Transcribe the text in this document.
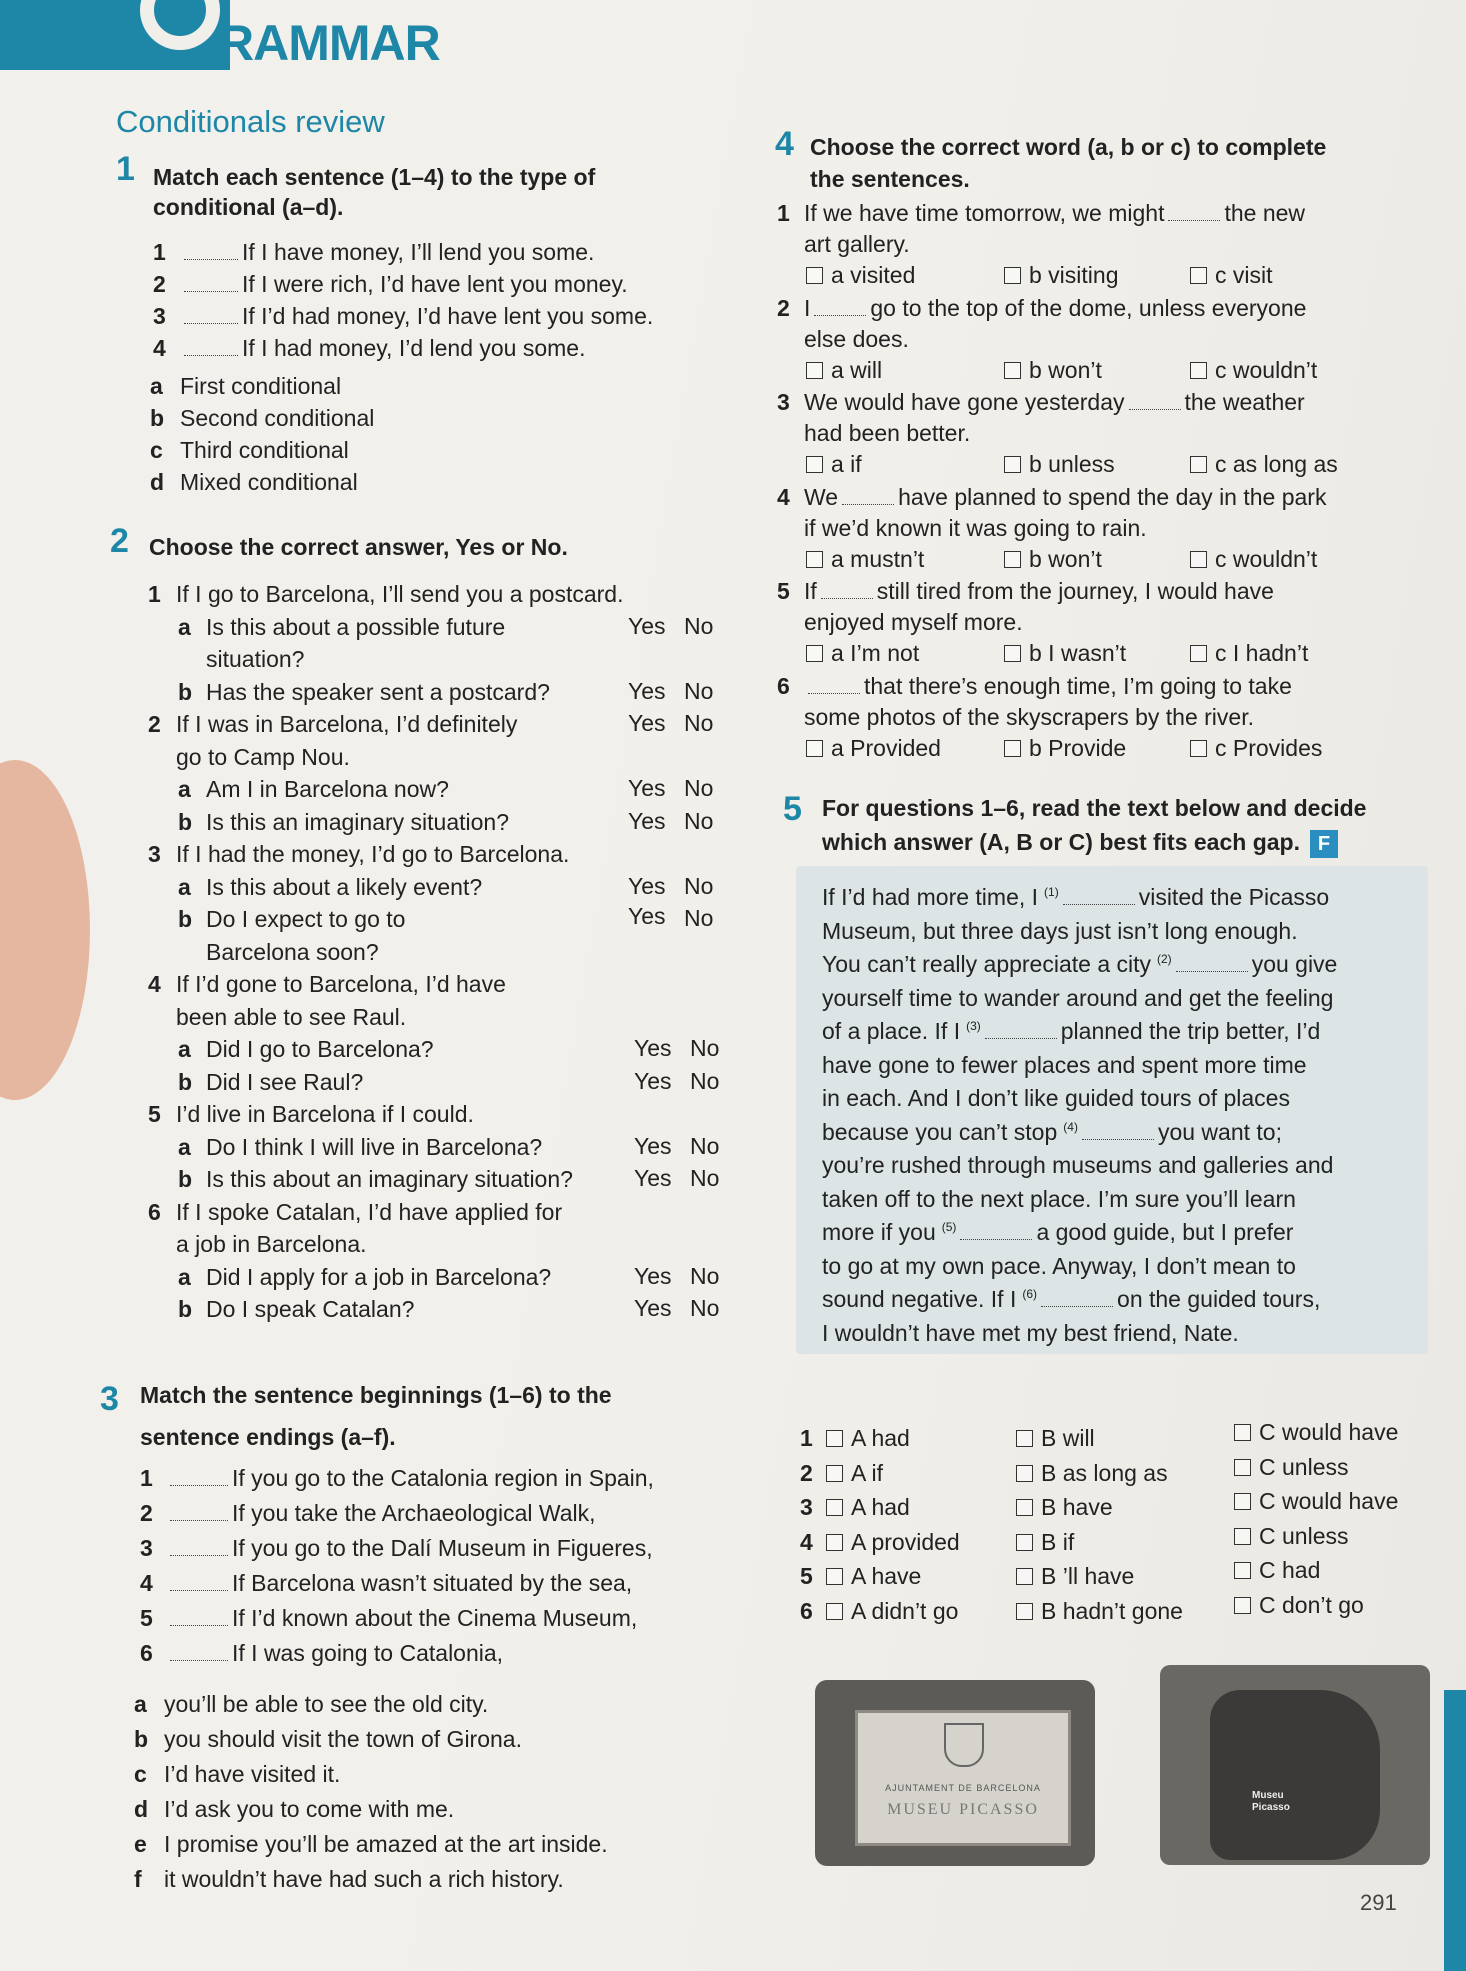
RAMMAR
Conditionals review
1 Match each sentence (1–4) to the type of
conditional (a–d).
1	If I have money, I’ll lend you some.
2	If I were rich, I’d have lent you money.
3	If I’d had money, I’d have lent you some.
4	If I had money, I’d lend you some.
a First conditional
b Second conditional
c Third conditional
d Mixed conditional
2 Choose the correct answer, Yes or No.
1 If I go to Barcelona, I’ll send you a postcard.
a Is this about a possible future	Yes No
situation?
b Has the speaker sent a postcard?	Yes No
2 If I was in Barcelona, I’d definitely	Yes No
go to Camp Nou.
a Am I in Barcelona now?	Yes No
b Is this an imaginary situation?	Yes No
3 If I had the money, I’d go to Barcelona.
a Is this about a likely event?	Yes No
b Do I expect to go to	Yes No
Barcelona soon?
4 If I’d gone to Barcelona, I’d have
been able to see Raul.
a Did I go to Barcelona?	Yes No
b Did I see Raul?	Yes No
5 I’d live in Barcelona if I could.
a Do I think I will live in Barcelona?	Yes No
b Is this about an imaginary situation?	Yes No
6 If I spoke Catalan, I’d have applied for
a job in Barcelona.
a Did I apply for a job in Barcelona?	Yes No
b Do I speak Catalan?	Yes No
3 Match the sentence beginnings (1–6) to the
sentence endings (a–f).
1	If you go to the Catalonia region in Spain,
2	If you take the Archaeological Walk,
3	If you go to the Dalí Museum in Figueres,
4	If Barcelona wasn’t situated by the sea,
5	If I’d known about the Cinema Museum,
6	If I was going to Catalonia,
a you’ll be able to see the old city.
b you should visit the town of Girona.
c I’d have visited it.
d I’d ask you to come with me.
e I promise you’ll be amazed at the art inside.
f it wouldn’t have had such a rich history.
4 Choose the correct word (a, b or c) to complete
the sentences.
1 If we have time tomorrow, we might	the new
art gallery.
a visited	b visiting	c visit
2 I	go to the top of the dome, unless everyone
else does.
a will	b won’t	c wouldn’t
3 We would have gone yesterday	the weather
had been better.
a if	b unless	c as long as
4 We	have planned to spend the day in the park
if we’d known it was going to rain.
a mustn’t	b won’t	c wouldn’t
5 If	still tired from the journey, I would have
enjoyed myself more.
a I’m not	b I wasn’t	c I hadn’t
6	that there’s enough time, I’m going to take
some photos of the skyscrapers by the river.
a Provided	b Provide	c Provides
5 For questions 1–6, read the text below and decide
which answer (A, B or C) best fits each gap. F
If I’d had more time, I $^{(1)}$	visited the Picasso
Museum, but three days just isn’t long enough.
You can’t really appreciate a city $^{(2)}$	you give
yourself time to wander around and get the feeling
of a place. If I $^{(3)}$	planned the trip better, I’d
have gone to fewer places and spent more time
in each. And I don’t like guided tours of places
because you can’t stop $^{(4)}$	you want to;
you’re rushed through museums and galleries and
taken off to the next place. I’m sure you’ll learn
more if you $^{(5)}$	a good guide, but I prefer
to go at my own pace. Anyway, I don’t mean to
sound negative. If I $^{(6)}$	on the guided tours,
I wouldn’t have met my best friend, Nate.
1	A had	B will	C would have
2	A if	B as long as	C unless
3	A had	B have	C would have
4	A provided	B if	C unless
5	A have	B ’ll have	C had
6	A didn’t go	B hadn’t gone	C don’t go
AJUNTAMENT DE BARCELONA
MUSEU PICASSO
Museu
Picasso
291
